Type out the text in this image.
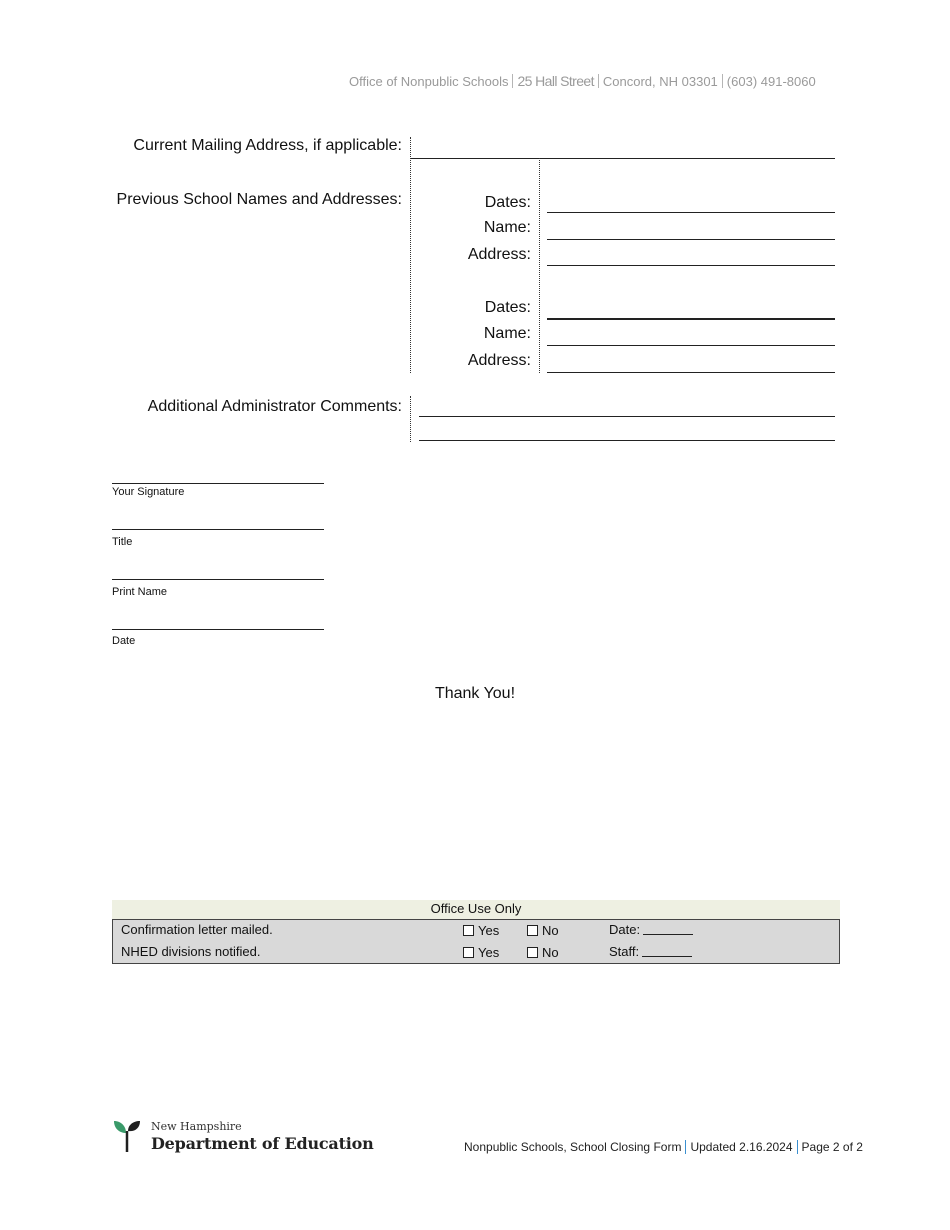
Office of Nonpublic Schools 25 Hall Street Concord, NH 03301 (603) 491-8060
Current Mailing Address, if applicable:
Previous School Names and Addresses:	Dates:
Name:
Address:
Dates:
Name:
Address:
Additional Administrator Comments:
Your Signature
Title
Print Name
Date
Thank You!
Office Use Only
Confirmation letter mailed.	Yes	No	Date:
NHED divisions notified.	Yes	No	Staff:
New Hampshire
Department of Education	Nonpublic Schools, School Closing Form Updated 2.16.2024 Page 2 of 2
